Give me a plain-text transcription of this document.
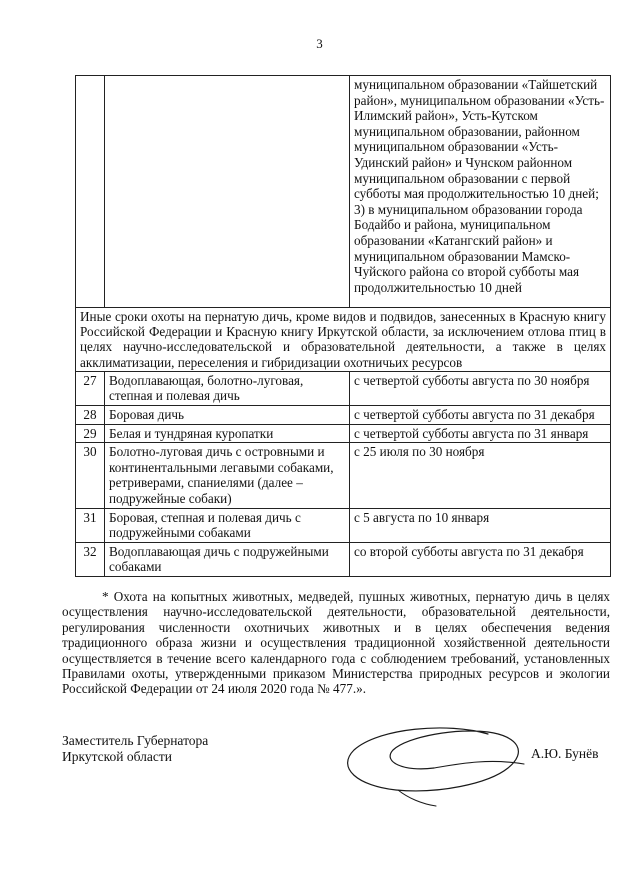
3
		муниципальном образовании «Тайшетский район», муниципальном образовании «Усть-Илимский район», Усть-Кутском муниципальном образовании, районном муниципальном образовании «Усть-Удинский район» и Чунском районном муниципальном образовании с первой субботы мая продолжительностью 10 дней;
3) в муниципальном образовании города Бодайбо и района, муниципальном образовании «Катангский район» и муниципальном образовании Мамско-Чуйского района со второй субботы мая продолжительностью 10 дней
Иные сроки охоты на пернатую дичь, кроме видов и подвидов, занесенных в Красную книгу Российской Федерации и Красную книгу Иркутской области, за исключением отлова птиц в целях научно-исследовательской и образовательной деятельности, а также в целях акклиматизации, переселения и гибридизации охотничьих ресурсов		
27	Водоплавающая, болотно-луговая, степная и полевая дичь	с четвертой субботы августа по 30 ноября
28	Боровая дичь	с четвертой субботы августа по 31 декабря
29	Белая и тундряная куропатки	с четвертой субботы августа по 31 января
30	Болотно-луговая дичь с островными и континентальными легавыми собаками, ретриверами, спаниелями (далее – подружейные собаки)	с 25 июля по 30 ноября
31	Боровая, степная и полевая дичь с подружейными собаками	с 5 августа по 10 января
32	Водоплавающая дичь с подружейными собаками	со второй субботы августа по 31 декабря

* Охота на копытных животных, медведей, пушных животных, пернатую дичь в целях осуществления научно-исследовательской деятельности, образовательной деятельности, регулирования численности охотничьих животных и в целях обеспечения ведения традиционного образа жизни и осуществления традиционной хозяйственной деятельности осуществляется в течение всего календарного года с соблюдением требований, установленных Правилами охоты, утвержденными приказом Министерства природных ресурсов и экологии Российской Федерации от 24 июля 2020 года № 477.».

Заместитель Губернатора
Иркутской области	А.Ю. Бунёв
